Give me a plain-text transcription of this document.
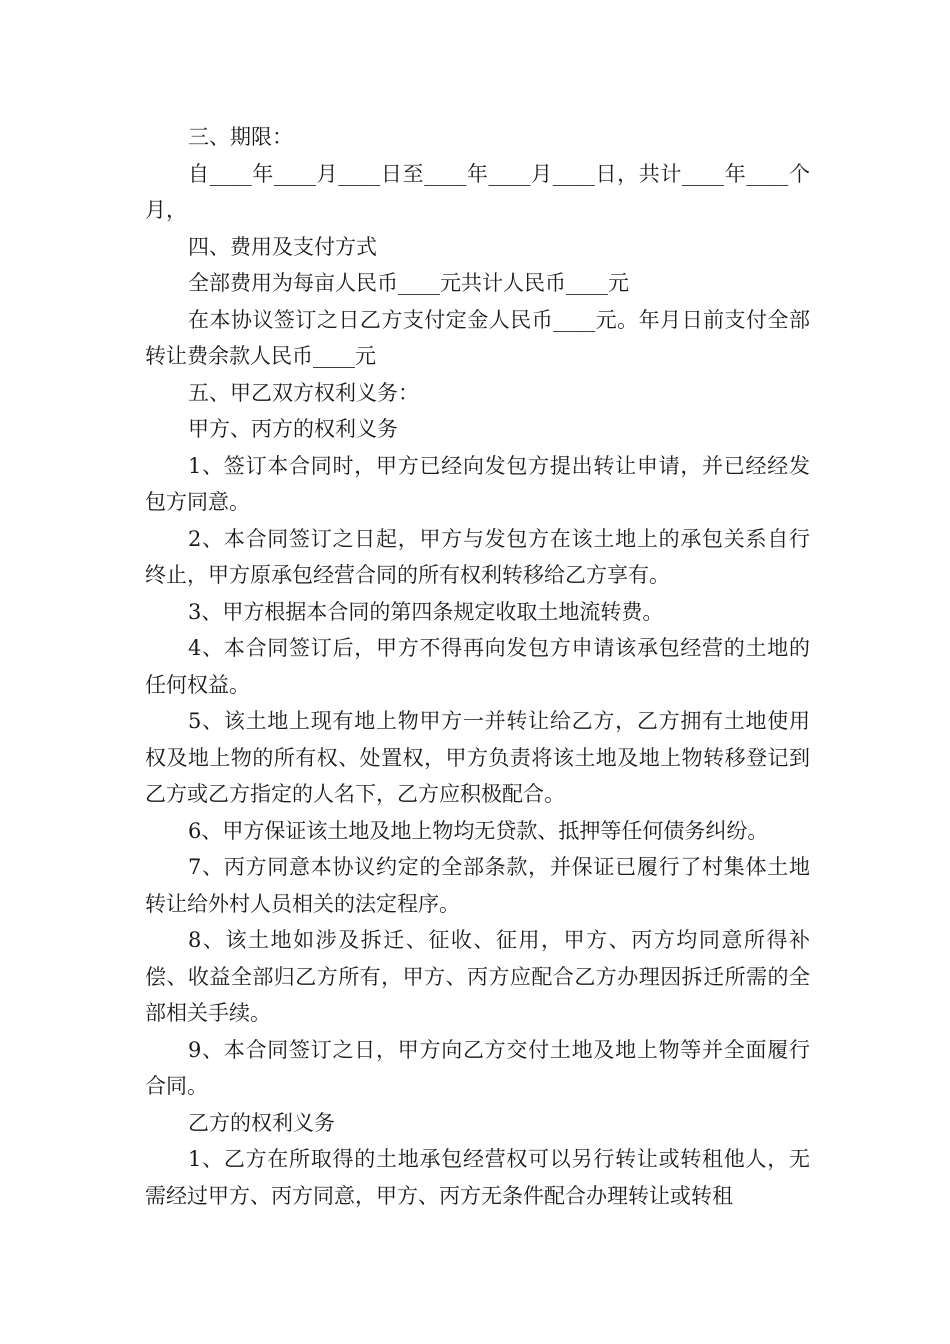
三、期限：

自____年____月____日至____年____月____日，共计____年____个月，

四、费用及支付方式

全部费用为每亩人民币____元共计人民币____元

在本协议签订之日乙方支付定金人民币____元。年月日前支付全部转让费余款人民币____元

五、甲乙双方权利义务：

甲方、丙方的权利义务

1、签订本合同时，甲方已经向发包方提出转让申请，并已经经发包方同意。

2、本合同签订之日起，甲方与发包方在该土地上的承包关系自行终止，甲方原承包经营合同的所有权利转移给乙方享有。

3、甲方根据本合同的第四条规定收取土地流转费。

4、本合同签订后，甲方不得再向发包方申请该承包经营的土地的任何权益。

5、该土地上现有地上物甲方一并转让给乙方，乙方拥有土地使用权及地上物的所有权、处置权，甲方负责将该土地及地上物转移登记到乙方或乙方指定的人名下，乙方应积极配合。

6、甲方保证该土地及地上物均无贷款、抵押等任何债务纠纷。

7、丙方同意本协议约定的全部条款，并保证已履行了村集体土地转让给外村人员相关的法定程序。

8、该土地如涉及拆迁、征收、征用，甲方、丙方均同意所得补偿、收益全部归乙方所有，甲方、丙方应配合乙方办理因拆迁所需的全部相关手续。

9、本合同签订之日，甲方向乙方交付土地及地上物等并全面履行合同。

乙方的权利义务

1、乙方在所取得的土地承包经营权可以另行转让或转租他人，无需经过甲方、丙方同意，甲方、丙方无条件配合办理转让或转租
